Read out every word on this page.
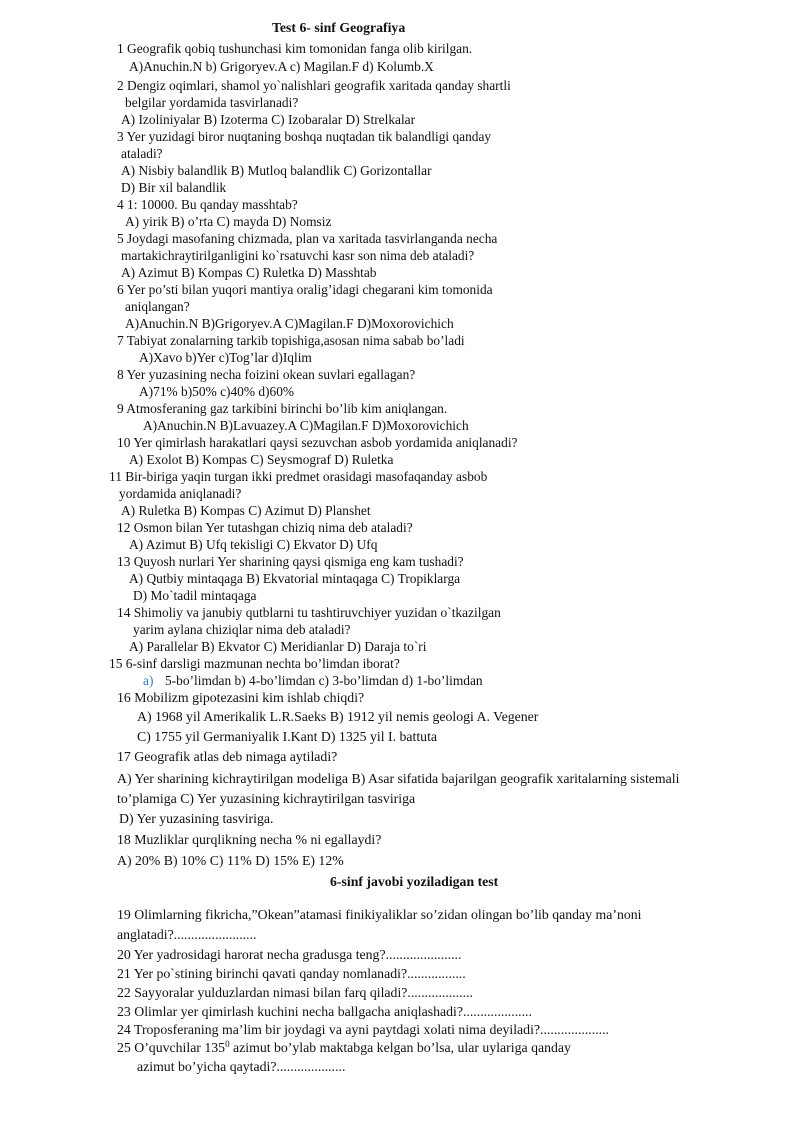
Test 6- sinf Geografiya
1 Geografik qobiq tushunchasi kim tomonidan fanga olib kirilgan.
A)Anuchin.N b) Grigoryev.A c) Magilan.F d) Kolumb.X
2 Dengiz oqimlari, shamol yo`nalishlari geografik xaritada qanday shartli
belgilar yordamida tasvirlanadi?
A) Izoliniyalar B) Izoterma C) Izobaralar D) Strelkalar
3 Yer yuzidagi biror nuqtaning boshqa nuqtadan tik balandligi qanday
ataladi?
A) Nisbiy balandlik B) Mutloq balandlik C) Gorizontallar
D) Bir xil balandlik
4 1: 10000. Bu qanday masshtab?
A) yirik B) o’rta C) mayda D) Nomsiz
5 Joydagi masofaning chizmada, plan va xaritada tasvirlanganda necha
martakichraytirilganligini ko`rsatuvchi kasr son nima deb ataladi?
A) Azimut B) Kompas C) Ruletka D) Masshtab
6 Yer po’sti bilan yuqori mantiya oralig’idagi chegarani kim tomonida
aniqlangan?
A)Anuchin.N B)Grigoryev.A C)Magilan.F D)Moxorovichich
7 Tabiyat zonalarning tarkib topishiga,asosan nima sabab bo’ladi
A)Xavo b)Yer c)Tog’lar d)Iqlim
8 Yer yuzasining necha foizini okean suvlari egallagan?
A)71% b)50% c)40% d)60%
9 Atmosferaning gaz tarkibini birinchi bo’lib kim aniqlangan.
A)Anuchin.N B)Lavuazey.A C)Magilan.F D)Moxorovichich
10 Yer qimirlash harakatlari qaysi sezuvchan asbob yordamida aniqlanadi?
A) Exolot B) Kompas C) Seysmograf D) Ruletka
11 Bir-biriga yaqin turgan ikki predmet orasidagi masofaqanday asbob
yordamida aniqlanadi?
A) Ruletka B) Kompas C) Azimut D) Planshet
12 Osmon bilan Yer tutashgan chiziq nima deb ataladi?
A) Azimut B) Ufq tekisligi C) Ekvator D) Ufq
13 Quyosh nurlari Yer sharining qaysi qismiga eng kam tushadi?
A) Qutbiy mintaqaga B) Ekvatorial mintaqaga C) Tropiklarga
D) Mo`tadil mintaqaga
14 Shimoliy va janubiy qutblarni tu tashtiruvchiyer yuzidan o`tkazilgan
yarim aylana chiziqlar nima deb ataladi?
A) Parallelar B) Ekvator C) Meridianlar D) Daraja to`ri
15 6-sinf darsligi mazmunan nechta bo’limdan iborat?
a) 5-bo’limdan b) 4-bo’limdan c) 3-bo’limdan d) 1-bo’limdan
16 Mobilizm gipotezasini kim ishlab chiqdi?
A) 1968 yil Amerikalik L.R.Saeks B) 1912 yil nemis geologi A. Vegener
C) 1755 yil Germaniyalik I.Kant D) 1325 yil I. battuta
17 Geografik atlas deb nimaga aytiladi?
A) Yer sharining kichraytirilgan modeliga B) Asar sifatida bajarilgan geografik xaritalarning sistemali
to’plamiga C) Yer yuzasining kichraytirilgan tasviriga
D) Yer yuzasining tasviriga.
18 Muzliklar qurqlikning necha % ni egallaydi?
A) 20% B) 10% C) 11% D) 15% E) 12%
6-sinf javobi yoziladigan test
19 Olimlarning fikricha,”Okean”atamasi finikiyaliklar so’zidan olingan bo’lib qanday ma’noni
anglatadi?........................
20 Yer yadrosidagi harorat necha gradusga teng?......................
21 Yer po`stining birinchi qavati qanday nomlanadi?.................
22 Sayyoralar yulduzlardan nimasi bilan farq qiladi?...................
23 Olimlar yer qimirlash kuchini necha ballgacha aniqlashadi?....................
24 Troposferaning ma’lim bir joydagi va ayni paytdagi xolati nima deyiladi?....................
25 O’quvchilar $135^0$ azimut bo’ylab maktabga kelgan bo’lsa, ular uylariga qanday
azimut bo’yicha qaytadi?....................
